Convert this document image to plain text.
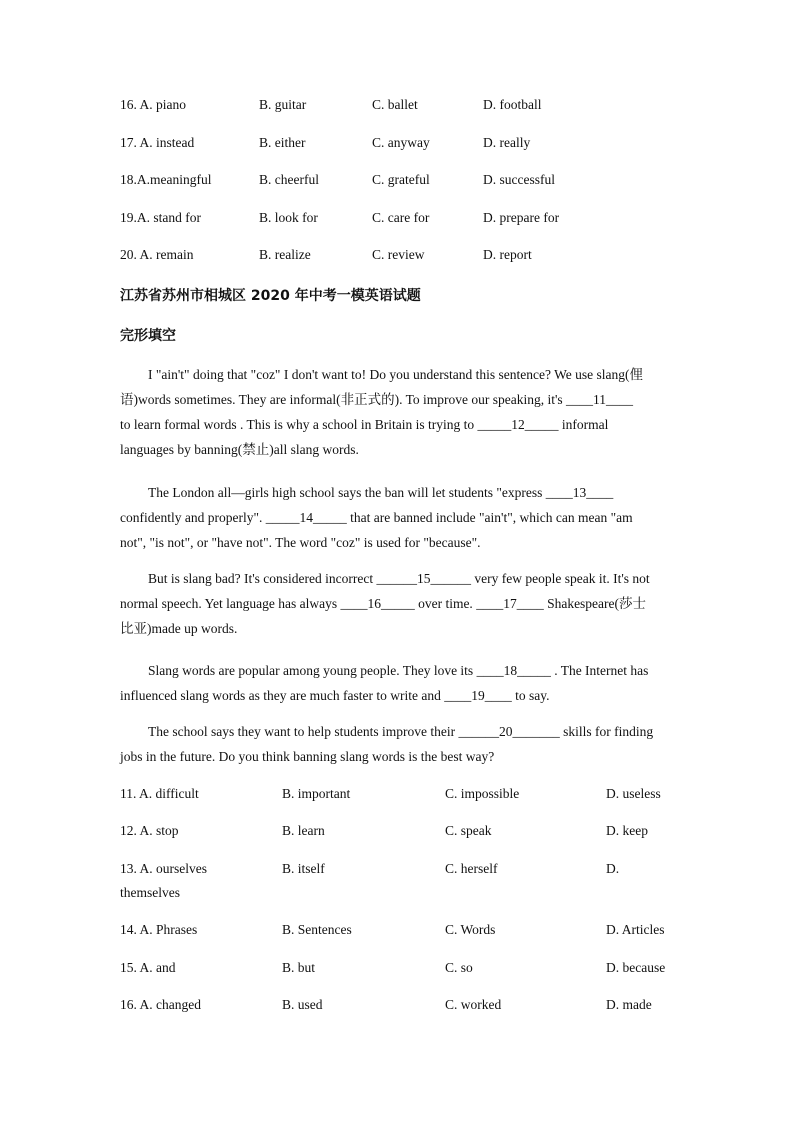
16. A. piano	B. guitar	C. ballet	D. football
17. A. instead	B. either	C. anyway	D. really
18.A.meaningful	B. cheerful	C. grateful	D. successful
19.A. stand for	B. look for	C. care for	D. prepare for
20. A. remain	B. realize	C. review	D. report
江苏省苏州市相城区 2020 年中考一模英语试题
完形填空
I "ain't" doing that "coz" I don't want to! Do you understand this sentence? We use slang(俚
语)words sometimes. They are informal(非正式的). To improve our speaking, it's ____11____
to learn formal words . This is why a school in Britain is trying to _____12_____ informal
languages by banning(禁止)all slang words.
The London all—girls high school says the ban will let students "express ____13____
confidently and properly". _____14_____ that are banned include "ain't", which can mean "am
not", "is not", or "have not". The word "coz" is used for "because".
But is slang bad? It's considered incorrect ______15______ very few people speak it. It's not
normal speech. Yet language has always ____16_____ over time. ____17____ Shakespeare(莎士
比亚)made up words.
Slang words are popular among young people. They love its ____18_____ . The Internet has
influenced slang words as they are much faster to write and ____19____ to say.
The school says they want to help students improve their ______20_______ skills for finding
jobs in the future. Do you think banning slang words is the best way?
11. A. difficult	B. important	C. impossible	D. useless
12. A. stop	B. learn	C. speak	D. keep
13. A. ourselves	B. itself	C. herself	D.
themselves
14. A. Phrases	B. Sentences	C. Words	D. Articles
15. A. and	B. but	C. so	D. because
16. A. changed	B. used	C. worked	D. made
